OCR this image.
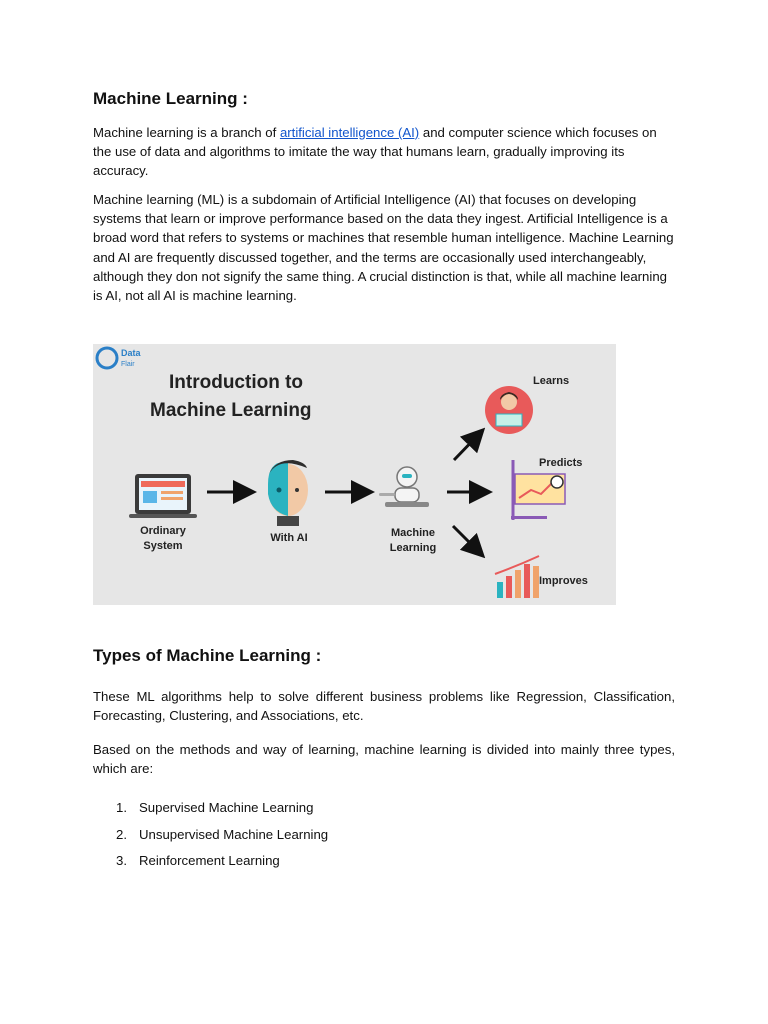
Machine Learning :

Machine learning is a branch of artificial intelligence (AI) and computer science which focuses on the use of data and algorithms to imitate the way that humans learn, gradually improving its accuracy.

Machine learning (ML) is a subdomain of Artificial Intelligence (AI) that focuses on developing systems that learn or improve performance based on the data they ingest. Artificial Intelligence is a broad word that refers to systems or machines that resemble human intelligence. Machine Learning and AI are frequently discussed together, and the terms are occasionally used interchangeably, although they don not signify the same thing. A crucial distinction is that, while all machine learning is AI, not all AI is machine learning.

Data
Flair
Introduction to
Machine Learning
Ordinary
System
With AI	Machine
Learning
Learns
Predicts
Improves
Types of Machine Learning :

These ML algorithms help to solve different business problems like Regression, Classification, Forecasting, Clustering, and Associations, etc.

Based on the methods and way of learning, machine learning is divided into mainly three types, which are:

1. Supervised Machine Learning
2. Unsupervised Machine Learning
3. Reinforcement Learning
